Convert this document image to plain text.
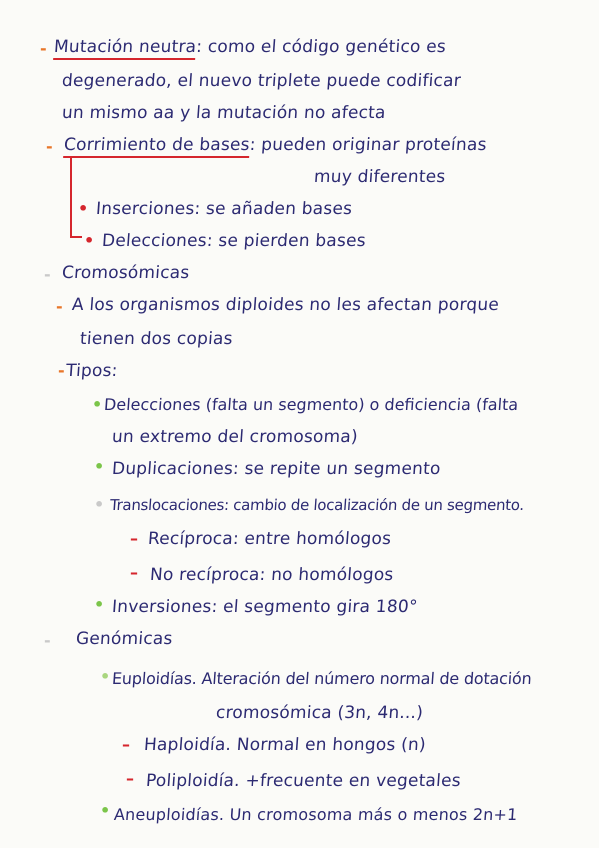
- Mutación neutra: como el código genético es
degenerado, el nuevo triplete puede codificar
un mismo aa y la mutación no afecta
- Corrimiento de bases: pueden originar proteínas
muy diferentes
• Inserciones: se añaden bases
• Delecciones: se pierden bases
- Cromosómicas
- A los organismos diploides no les afectan porque
tienen dos copias
- Tipos:
• Delecciones (falta un segmento) o deficiencia (falta
un extremo del cromosoma)
• Duplicaciones: se repite un segmento
• Translocaciones: cambio de localización de un segmento.
– Recíproca: entre homólogos
– No recíproca: no homólogos
• Inversiones: el segmento gira 180°
- Genómicas
• Euploidías. Alteración del número normal de dotación
cromosómica (3n, 4n...)
– Haploidía. Normal en hongos (n)
– Poliploidía. +frecuente en vegetales
• Aneuploidías. Un cromosoma más o menos 2n+1
